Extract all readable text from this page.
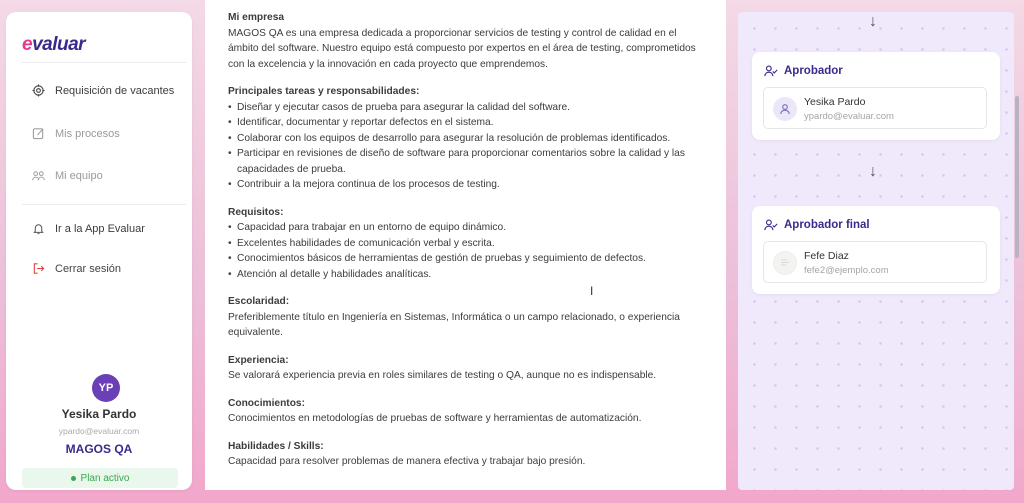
evaluar
Requisición de vacantes
Mis procesos
Mi equipo
Ir a la App Evaluar
Cerrar sesión
YP
Yesika Pardo
ypardo@evaluar.com
MAGOS QA
Plan activo

Mi empresa

MAGOS QA es una empresa dedicada a proporcionar servicios de testing y control de calidad en el ámbito del software. Nuestro equipo está compuesto por expertos en el área de testing, comprometidos con la excelencia y la innovación en cada proyecto que emprendemos.

Principales tareas y responsabilidades:

• Diseñar y ejecutar casos de prueba para asegurar la calidad del software.
• Identificar, documentar y reportar defectos en el sistema.
• Colaborar con los equipos de desarrollo para asegurar la resolución de problemas identificados.
• Participar en revisiones de diseño de software para proporcionar comentarios sobre la calidad y las capacidades de prueba.
• Contribuir a la mejora continua de los procesos de testing.

Requisitos:

• Capacidad para trabajar en un entorno de equipo dinámico.
• Excelentes habilidades de comunicación verbal y escrita.
• Conocimientos básicos de herramientas de gestión de pruebas y seguimiento de defectos.
• Atención al detalle y habilidades analíticas.

Escolaridad:

Preferiblemente título en Ingeniería en Sistemas, Informática o un campo relacionado, o experiencia equivalente.

Experiencia:

Se valorará experiencia previa en roles similares de testing o QA, aunque no es indispensable.

Conocimientos:

Conocimientos en metodologías de pruebas de software y herramientas de automatización.

Habilidades / Skills:

Capacidad para resolver problemas de manera efectiva y trabajar bajo presión.

I
↓
Aprobador
Yesika Pardo
ypardo@evaluar.com
↓
Aprobador final
Fefe Diaz
fefe2@ejemplo.com
